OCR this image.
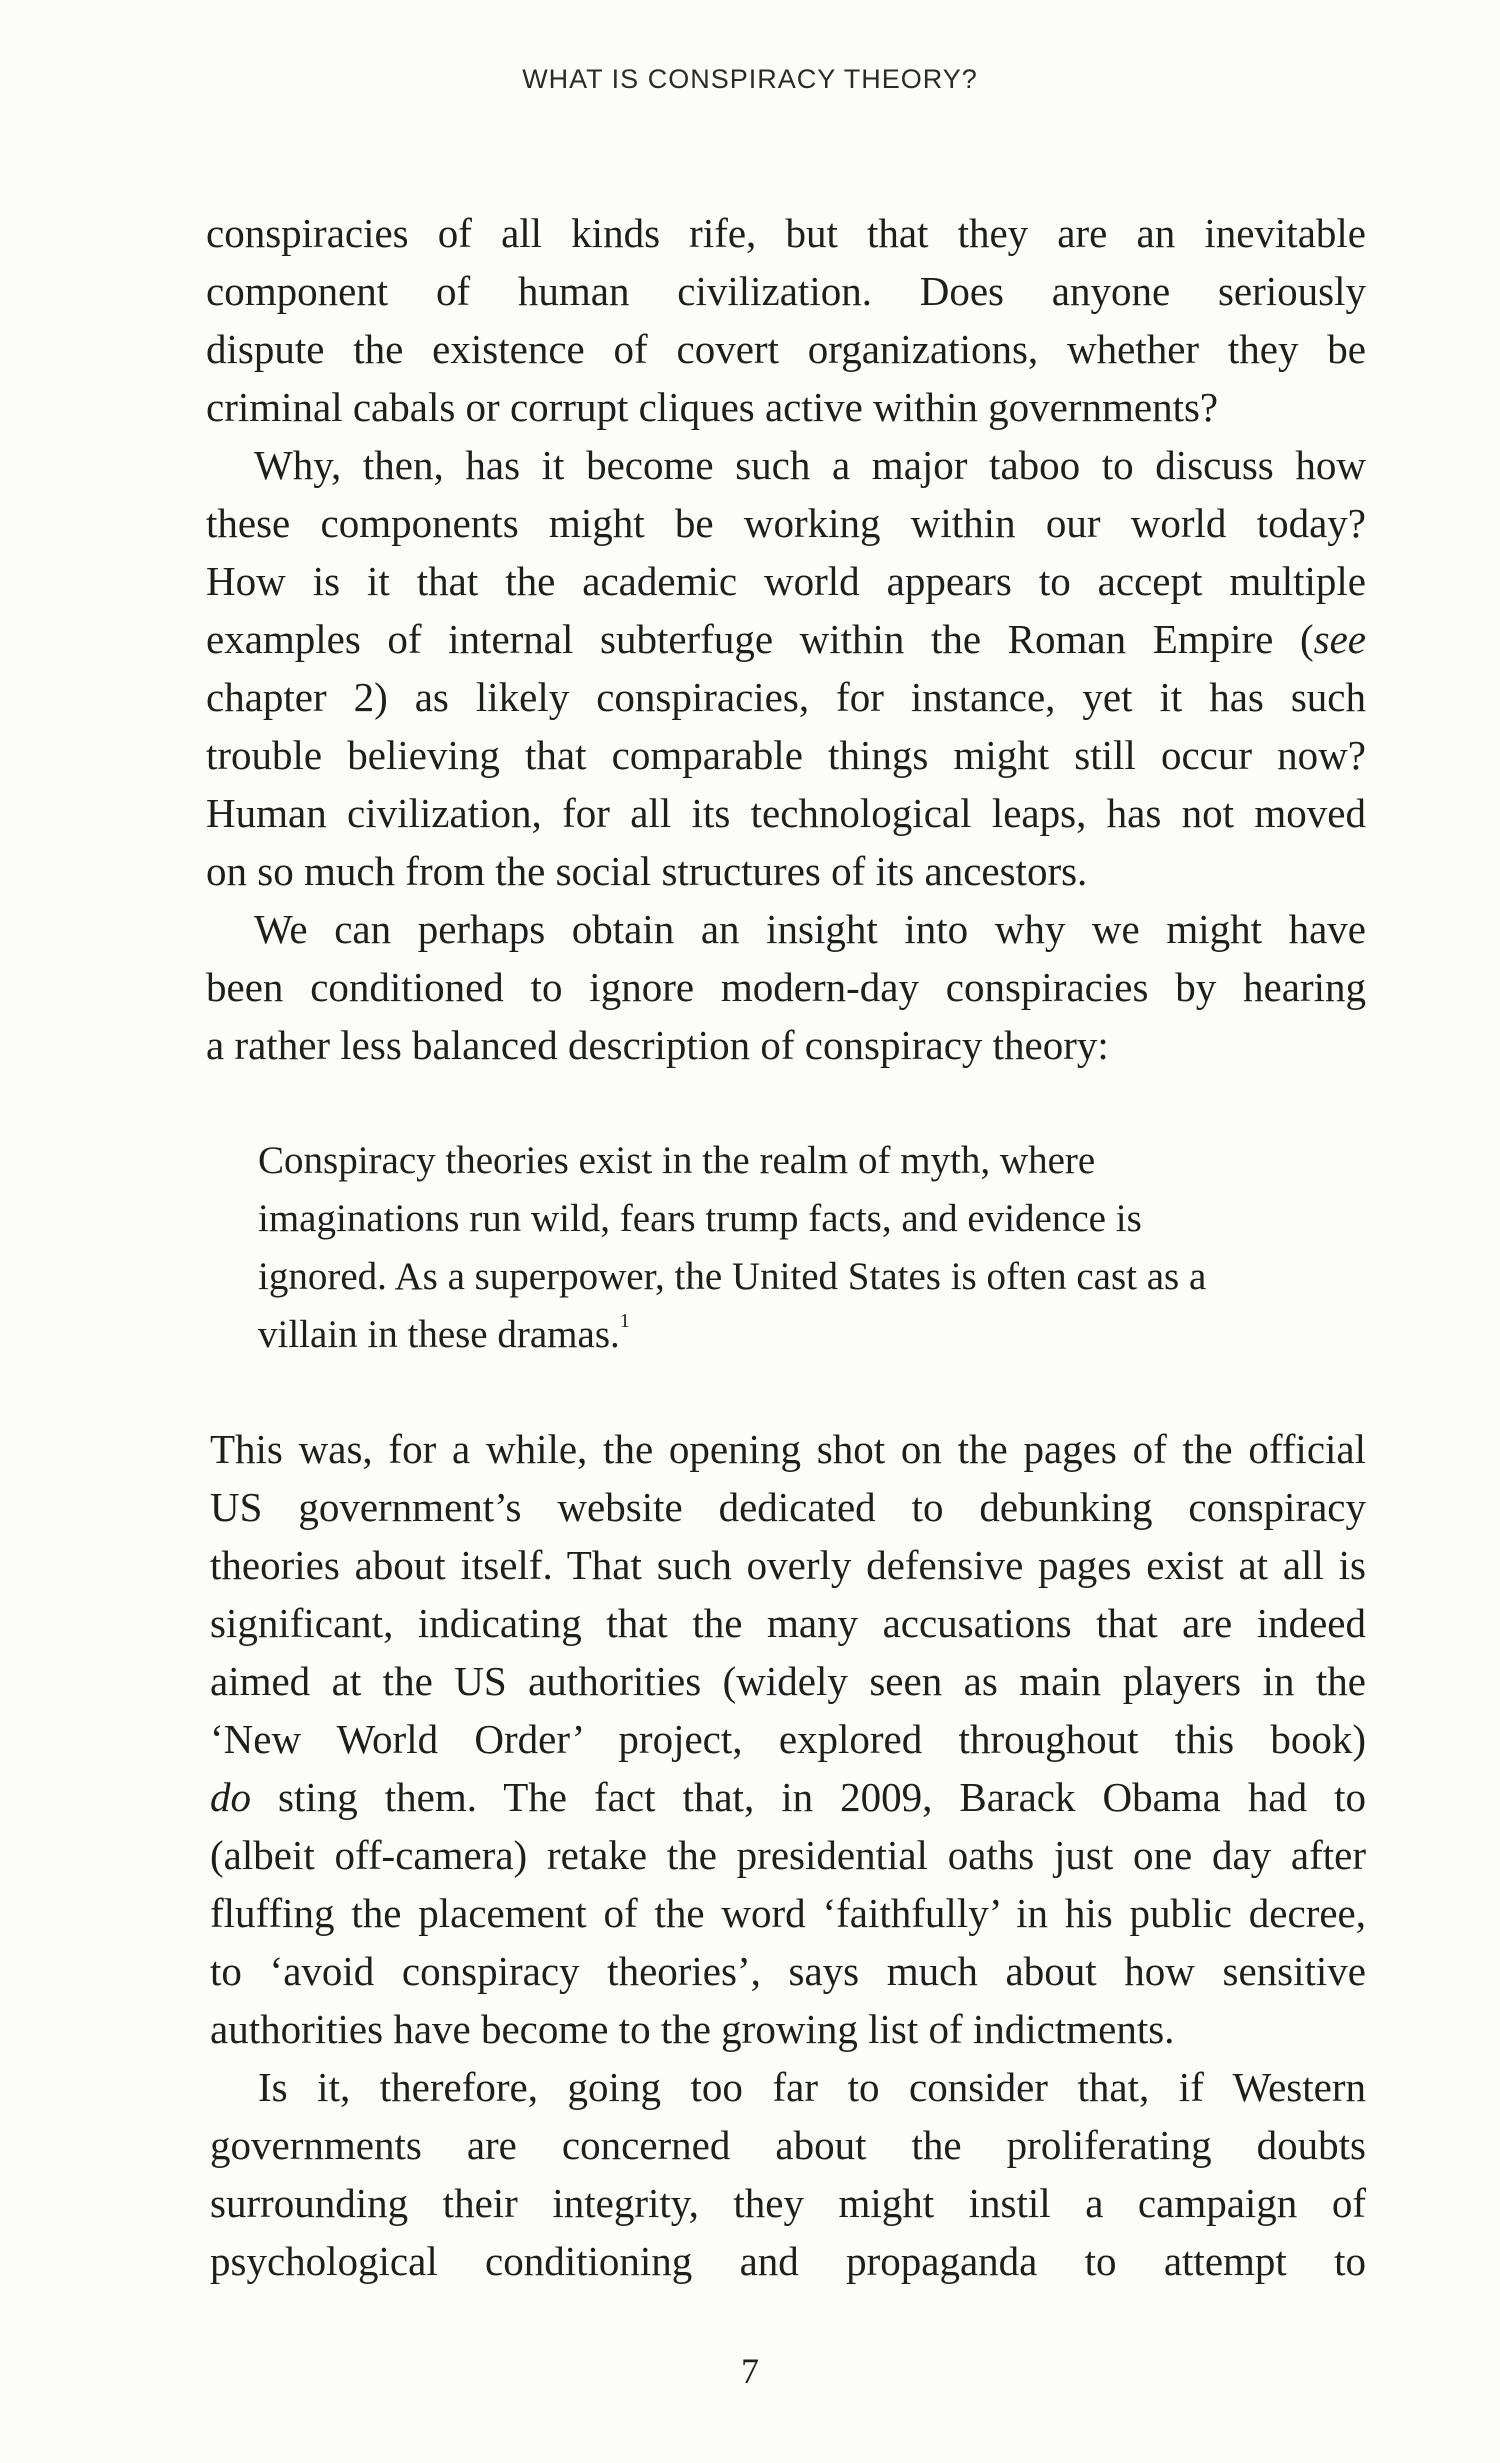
WHAT IS CONSPIRACY THEORY?
conspiracies of all kinds rife, but that they are an inevitable
component of human civilization. Does anyone seriously
dispute the existence of covert organizations, whether they be
criminal cabals or corrupt cliques active within governments?
Why, then, has it become such a major taboo to discuss how
these components might be working within our world today?
How is it that the academic world appears to accept multiple
examples of internal subterfuge within the Roman Empire (see
chapter 2) as likely conspiracies, for instance, yet it has such
trouble believing that comparable things might still occur now?
Human civilization, for all its technological leaps, has not moved
on so much from the social structures of its ancestors.
We can perhaps obtain an insight into why we might have
been conditioned to ignore modern-day conspiracies by hearing
a rather less balanced description of conspiracy theory:
Conspiracy theories exist in the realm of myth, where
imaginations run wild, fears trump facts, and evidence is
ignored. As a superpower, the United States is often cast as a
villain in these dramas.$^1$
This was, for a while, the opening shot on the pages of the official
US government’s website dedicated to debunking conspiracy
theories about itself. That such overly defensive pages exist at all is
significant, indicating that the many accusations that are indeed
aimed at the US authorities (widely seen as main players in the
‘New World Order’ project, explored throughout this book)
do sting them. The fact that, in 2009, Barack Obama had to
(albeit off-camera) retake the presidential oaths just one day after
fluffing the placement of the word ‘faithfully’ in his public decree,
to ‘avoid conspiracy theories’, says much about how sensitive
authorities have become to the growing list of indictments.
Is it, therefore, going too far to consider that, if Western
governments are concerned about the proliferating doubts
surrounding their integrity, they might instil a campaign of
psychological conditioning and propaganda to attempt to
7
